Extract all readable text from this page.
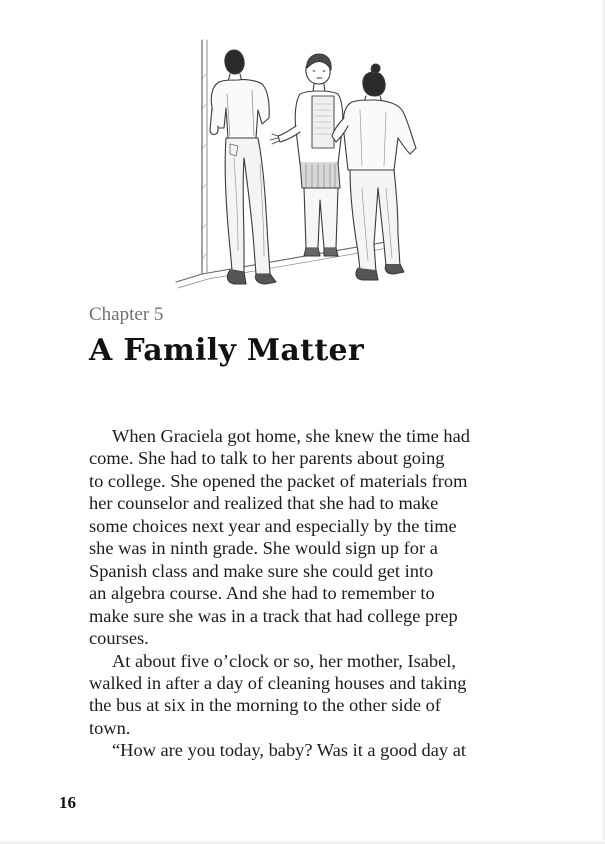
Chapter 5

A Family Matter
When Graciela got home, she knew the time had
come. She had to talk to her parents about going
to college. She opened the packet of materials from
her counselor and realized that she had to make
some choices next year and especially by the time
she was in ninth grade. She would sign up for a
Spanish class and make sure she could get into
an algebra course. And she had to remember to
make sure she was in a track that had college prep
courses.
At about five o’clock or so, her mother, Isabel,
walked in after a day of cleaning houses and taking
the bus at six in the morning to the other side of
town.
“How are you today, baby? Was it a good day at

16
